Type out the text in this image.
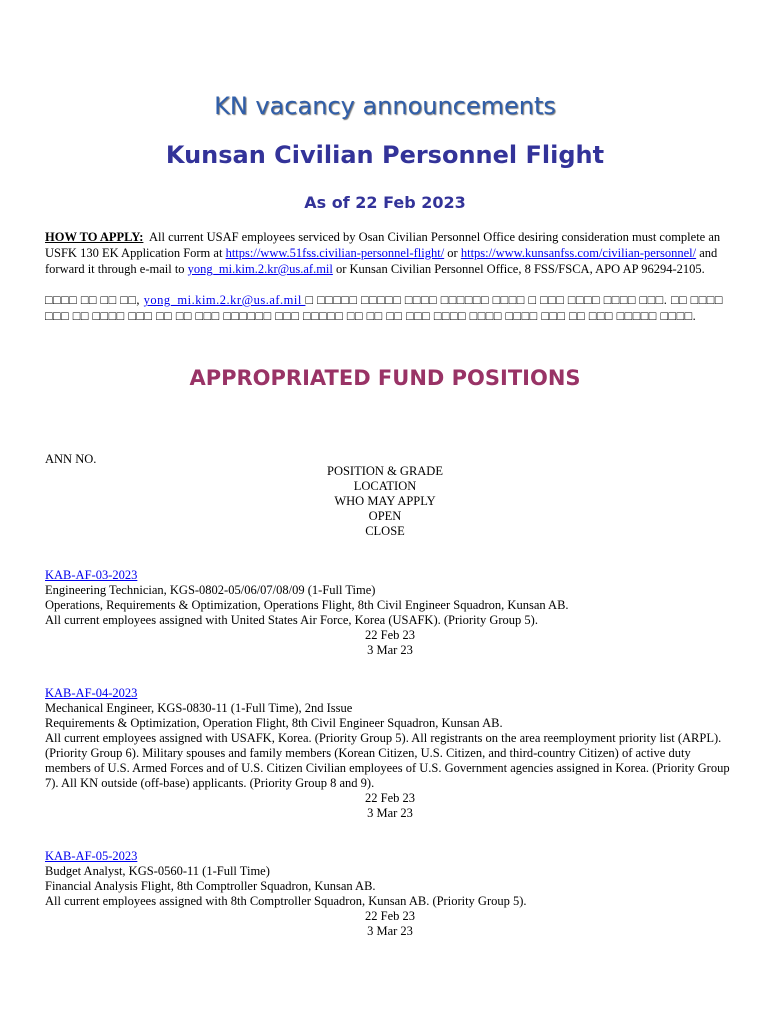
KN vacancy announcements
Kunsan Civilian Personnel Flight
As of 22 Feb 2023
HOW TO APPLY: All current USAF employees serviced by Osan Civilian Personnel Office desiring consideration must complete an USFK 130 EK Application Form at https://www.51fss.civilian-personnel-flight/ or https://www.kunsanfss.com/civilian-personnel/ and forward it through e-mail to yong_mi.kim.2.kr@us.af.mil or Kunsan Civilian Personnel Office, 8 FSS/FSCA, APO AP 96294-2105.
□□□□ □□ □□ □□, yong_mi.kim.2.kr@us.af.mil □ □□□□□ □□□□□ □□□□ □□□□□□ □□□□ □ □□□ □□□□ □□□□ □□□. □□ □□□□ □□□ □□ □□□□ □□□ □□ □□ □□□ □□□□□□ □□□ □□□□□ □□ □□ □□ □□□ □□□□ □□□□ □□□□ □□□ □□ □□□ □□□□□ □□□□.
APPROPRIATED FUND POSITIONS
ANN NO.
POSITION & GRADE
LOCATION
WHO MAY APPLY
OPEN
CLOSE
KAB-AF-03-2023
Engineering Technician, KGS-0802-05/06/07/08/09 (1-Full Time)
Operations, Requirements & Optimization, Operations Flight, 8th Civil Engineer Squadron, Kunsan AB.
All current employees assigned with United States Air Force, Korea (USAFK). (Priority Group 5).
22 Feb 23
3 Mar 23
KAB-AF-04-2023
Mechanical Engineer, KGS-0830-11 (1-Full Time), 2nd Issue
Requirements & Optimization, Operation Flight, 8th Civil Engineer Squadron, Kunsan AB.
All current employees assigned with USAFK, Korea. (Priority Group 5). All registrants on the area reemployment priority list (ARPL). (Priority Group 6). Military spouses and family members (Korean Citizen, U.S. Citizen, and third-country Citizen) of active duty members of U.S. Armed Forces and of U.S. Citizen Civilian employees of U.S. Government agencies assigned in Korea. (Priority Group 7). All KN outside (off-base) applicants. (Priority Group 8 and 9).
22 Feb 23
3 Mar 23
KAB-AF-05-2023
Budget Analyst, KGS-0560-11 (1-Full Time)
Financial Analysis Flight, 8th Comptroller Squadron, Kunsan AB.
All current employees assigned with 8th Comptroller Squadron, Kunsan AB. (Priority Group 5).
22 Feb 23
3 Mar 23
